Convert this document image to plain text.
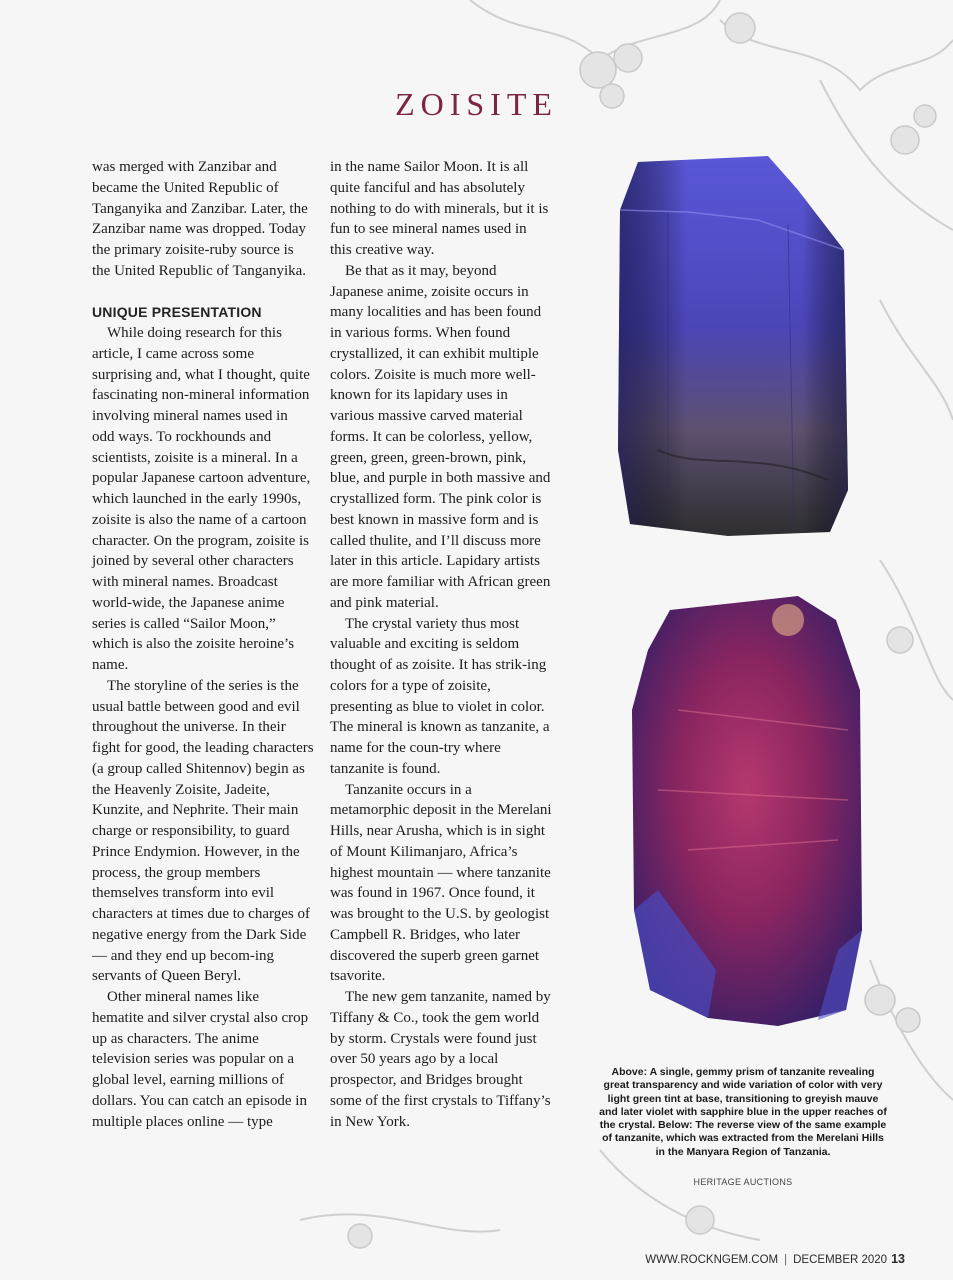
ZOISITE

was merged with Zanzibar and became the United Republic of Tanganyika and Zanzibar. Later, the Zanzibar name was dropped. Today the primary zoisite-ruby source is the United Republic of Tanganyika.

UNIQUE PRESENTATION

While doing research for this article, I came across some surprising and, what I thought, quite fascinating non-mineral information involving mineral names used in odd ways. To rockhounds and scientists, zoisite is a mineral. In a popular Japanese cartoon adventure, which launched in the early 1990s, zoisite is also the name of a cartoon character. On the program, zoisite is joined by several other characters with mineral names. Broadcast world-wide, the Japanese anime series is called “Sailor Moon,” which is also the zoisite heroine’s name.

The storyline of the series is the usual battle between good and evil throughout the universe. In their fight for good, the leading characters (a group called Shitennov) begin as the Heavenly Zoisite, Jadeite, Kunzite, and Nephrite. Their main charge or responsibility, to guard Prince Endymion. However, in the process, the group members themselves transform into evil characters at times due to charges of negative energy from the Dark Side — and they end up becom-ing servants of Queen Beryl.

Other mineral names like hematite and silver crystal also crop up as characters. The anime television series was popular on a global level, earning millions of dollars. You can catch an episode in multiple places online — type

in the name Sailor Moon. It is all quite fanciful and has absolutely nothing to do with minerals, but it is fun to see mineral names used in this creative way.

Be that as it may, beyond Japanese anime, zoisite occurs in many localities and has been found in various forms. When found crystallized, it can exhibit multiple colors. Zoisite is much more well-known for its lapidary uses in various massive carved material forms. It can be colorless, yellow, green, green, green-brown, pink, blue, and purple in both massive and crystallized form. The pink color is best known in massive form and is called thulite, and I’ll discuss more later in this article. Lapidary artists are more familiar with African green and pink material.

The crystal variety thus most valuable and exciting is seldom thought of as zoisite. It has strik-ing colors for a type of zoisite, presenting as blue to violet in color. The mineral is known as tanzanite, a name for the coun-try where tanzanite is found.

Tanzanite occurs in a metamorphic deposit in the Merelani Hills, near Arusha, which is in sight of Mount Kilimanjaro, Africa’s highest mountain — where tanzanite was found in 1967. Once found, it was brought to the U.S. by geologist Campbell R. Bridges, who later discovered the superb green garnet tsavorite.

The new gem tanzanite, named by Tiffany & Co., took the gem world by storm. Crystals were found just over 50 years ago by a local prospector, and Bridges brought some of the first crystals to Tiffany’s in New York.

Above: A single, gemmy prism of tanzanite revealing great transparency and wide variation of color with very light green tint at base, transitioning to greyish mauve and later violet with sapphire blue in the upper reaches of the crystal. Below: The reverse view of the same example of tanzanite, which was extracted from the Merelani Hills in the Manyara Region of Tanzania.
HERITAGE AUCTIONS
WWW.ROCKNGEM.COM | DECEMBER 2020 13
